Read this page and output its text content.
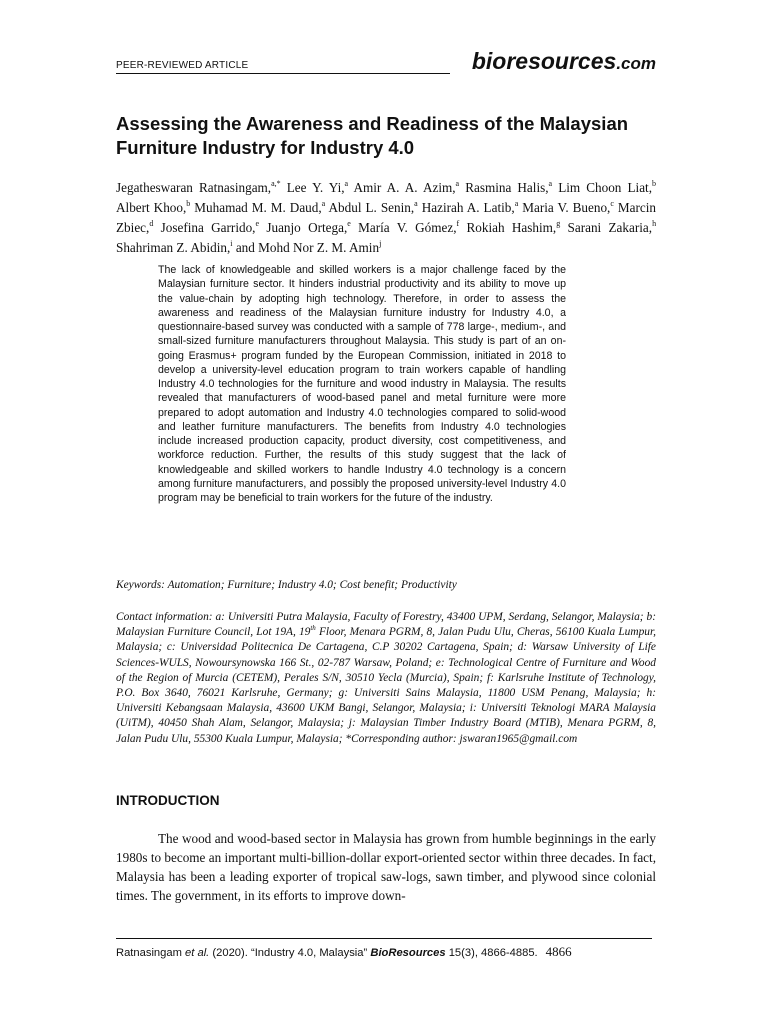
PEER-REVIEWED ARTICLE	bioresources.com
Assessing the Awareness and Readiness of the Malaysian Furniture Industry for Industry 4.0
Jegatheswaran Ratnasingam,$^{a,*}$ Lee Y. Yi,$^a$ Amir A. A. Azim,$^a$ Rasmina Halis,$^a$ Lim Choon Liat,$^b$ Albert Khoo,$^b$ Muhamad M. M. Daud,$^a$ Abdul L. Senin,$^a$ Hazirah A. Latib,$^a$ Maria V. Bueno,$^c$ Marcin Zbiec,$^d$ Josefina Garrido,$^e$ Juanjo Ortega,$^e$ María V. Gómez,$^f$ Rokiah Hashim,$^g$ Sarani Zakaria,$^h$ Shahriman Z. Abidin,$^i$ and Mohd Nor Z. M. Amin$^j$
The lack of knowledgeable and skilled workers is a major challenge faced by the Malaysian furniture sector. It hinders industrial productivity and its ability to move up the value-chain by adopting high technology. Therefore, in order to assess the awareness and readiness of the Malaysian furniture industry for Industry 4.0, a questionnaire-based survey was conducted with a sample of 778 large-, medium-, and small-sized furniture manufacturers throughout Malaysia. This study is part of an on-going Erasmus+ program funded by the European Commission, initiated in 2018 to develop a university-level education program to train workers capable of handling Industry 4.0 technologies for the furniture and wood industry in Malaysia. The results revealed that manufacturers of wood-based panel and metal furniture were more prepared to adopt automation and Industry 4.0 technologies compared to solid-wood and leather furniture manufacturers. The benefits from Industry 4.0 technologies include increased production capacity, product diversity, cost competitiveness, and workforce reduction. Further, the results of this study suggest that the lack of knowledgeable and skilled workers to handle Industry 4.0 technology is a concern among furniture manufacturers, and possibly the proposed university-level Industry 4.0 program may be beneficial to train workers for the future of the industry.
Keywords: Automation; Furniture; Industry 4.0; Cost benefit; Productivity
Contact information: a: Universiti Putra Malaysia, Faculty of Forestry, 43400 UPM, Serdang, Selangor, Malaysia; b: Malaysian Furniture Council, Lot 19A, 19th Floor, Menara PGRM, 8, Jalan Pudu Ulu, Cheras, 56100 Kuala Lumpur, Malaysia; c: Universidad Politecnica De Cartagena, C.P 30202 Cartagena, Spain; d: Warsaw University of Life Sciences-WULS, Nowoursynowska 166 St., 02-787 Warsaw, Poland; e: Technological Centre of Furniture and Wood of the Region of Murcia (CETEM), Perales S/N, 30510 Yecla (Murcia), Spain; f: Karlsruhe Institute of Technology, P.O. Box 3640, 76021 Karlsruhe, Germany; g: Universiti Sains Malaysia, 11800 USM Penang, Malaysia; h: Universiti Kebangsaan Malaysia, 43600 UKM Bangi, Selangor, Malaysia; i: Universiti Teknologi MARA Malaysia (UiTM), 40450 Shah Alam, Selangor, Malaysia; j: Malaysian Timber Industry Board (MTIB), Menara PGRM, 8, Jalan Pudu Ulu, 55300 Kuala Lumpur, Malaysia; *Corresponding author: jswaran1965@gmail.com
INTRODUCTION
The wood and wood-based sector in Malaysia has grown from humble beginnings in the early 1980s to become an important multi-billion-dollar export-oriented sector within three decades. In fact, Malaysia has been a leading exporter of tropical saw-logs, sawn timber, and plywood since colonial times. The government, in its efforts to improve down-
Ratnasingam et al. (2020). “Industry 4.0, Malaysia” BioResources 15(3), 4866-4885. 4866
